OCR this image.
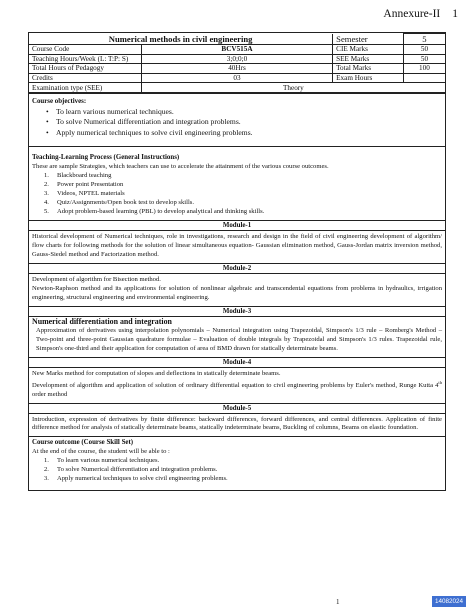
Annexure-II 1
Numerical methods in civil engineering		Semester	5
Course Code	BCV515A	CIE Marks	50
Teaching Hours/Week (L: T:P: S)	3;0;0;0	SEE Marks	50
Total Hours of Pedagogy	40Hrs	Total Marks	100
Credits	03	Exam Hours	
Examination type (SEE)	Theory		
Course objectives:
• To learn various numerical techniques.
• To solve Numerical differentiation and integration problems.
• Apply numerical techniques to solve civil engineering problems.
Teaching-Learning Process (General Instructions)
These are sample Strategies, which teachers can use to accelerate the attainment of the various course outcomes.
1.	Blackboard teaching
2.	Power point Presentation
3.	Videos, NPTEL materials
4.	Quiz/Assignments/Open book test to develop skills.
5.	Adopt problem-based learning (PBL) to develop analytical and thinking skills.
Module-1
Historical development of Numerical techniques, role in investigations, research and design in the field of civil engineering development of algorithm/ flow charts for following methods for the solution of linear simultaneous equation- Gaussian elimination method, Gauss-Jordan matrix inversion method, Gauss-Siedel method and Factorization method.
Module-2
Development of algorithm for Bisection method.
Newton-Raphson method and its applications for solution of nonlinear algebraic and transcendental equations from problems in hydraulics, irrigation engineering, structural engineering and environmental engineering.
Module-3
Numerical differentiation and integration
Approximation of derivatives using interpolation polynomials – Numerical integration using Trapezoidal, Simpson's 1/3 rule – Romberg's Method – Two-point and three-point Gaussian quadrature formulae – Evaluation of double integrals by Trapezoidal and Simpson's 1/3 rules. Trapezoidal rule, Simpson's one-third and their application for computation of area of BMD drawn for statically determinate beams.
Module-4
New Marks method for computation of slopes and deflections in statically determinate beams.
Development of algorithm and application of solution of ordinary differential equation to civil engineering problems by Euler's method, Runge Kutta 4th order method
Module-5
Introduction, expression of derivatives by finite difference: backward differences, forward differences, and central differences. Application of finite difference method for analysis of statically determinate beams, statically indeterminate beams, Buckling of columns, Beams on elastic foundation.
Course outcome (Course Skill Set)
At the end of the course, the student will be able to :
1.	To learn various numerical techniques.
2.	To solve Numerical differentiation and integration problems.
3.	Apply numerical techniques to solve civil engineering problems.
1	14082024
